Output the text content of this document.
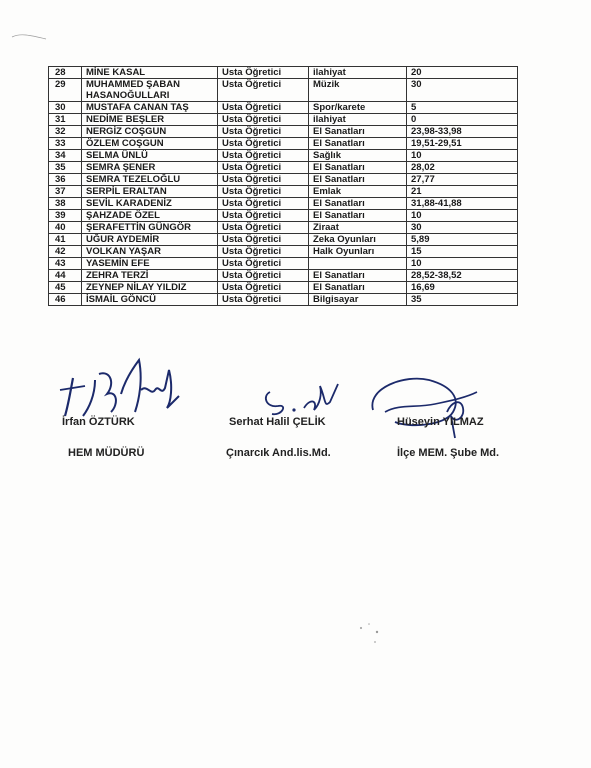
28	MİNE KASAL	Usta Öğretici	ilahiyat	20
29	MUHAMMED ŞABAN HASANOĞULLARI	Usta Öğretici	Müzik	30
30	MUSTAFA CANAN TAŞ	Usta Öğretici	Spor/karete	5
31	NEDİME BEŞLER	Usta Öğretici	ilahiyat	0
32	NERGİZ COŞGUN	Usta Öğretici	El Sanatları	23,98-33,98
33	ÖZLEM COŞGUN	Usta Öğretici	El Sanatları	19,51-29,51
34	SELMA ÜNLÜ	Usta Öğretici	Sağlık	10
35	SEMRA ŞENER	Usta Öğretici	El Sanatları	28,02
36	SEMRA TEZELOĞLU	Usta Öğretici	El Sanatları	27,77
37	SERPİL ERALTAN	Usta Öğretici	Emlak	21
38	SEVİL KARADENİZ	Usta Öğretici	El Sanatları	31,88-41,88
39	ŞAHZADE ÖZEL	Usta Öğretici	El Sanatları	10
40	ŞERAFETTİN GÜNGÖR	Usta Öğretici	Ziraat	30
41	UĞUR AYDEMİR	Usta Öğretici	Zeka Oyunları	5,89
42	VOLKAN YAŞAR	Usta Öğretici	Halk Oyunları	15
43	YASEMİN EFE	Usta Öğretici		10
44	ZEHRA TERZİ	Usta Öğretici	El Sanatları	28,52-38,52
45	ZEYNEP NİLAY YILDIZ	Usta Öğretici	El Sanatları	16,69
46	İSMAİL GÖNCÜ	Usta Öğretici	Bilgisayar	35
İrfan ÖZTÜRK
HEM MÜDÜRÜ
Serhat Halil ÇELİK
Çınarcık And.lis.Md.
Hüseyin YILMAZ
İlçe MEM. Şube Md.
